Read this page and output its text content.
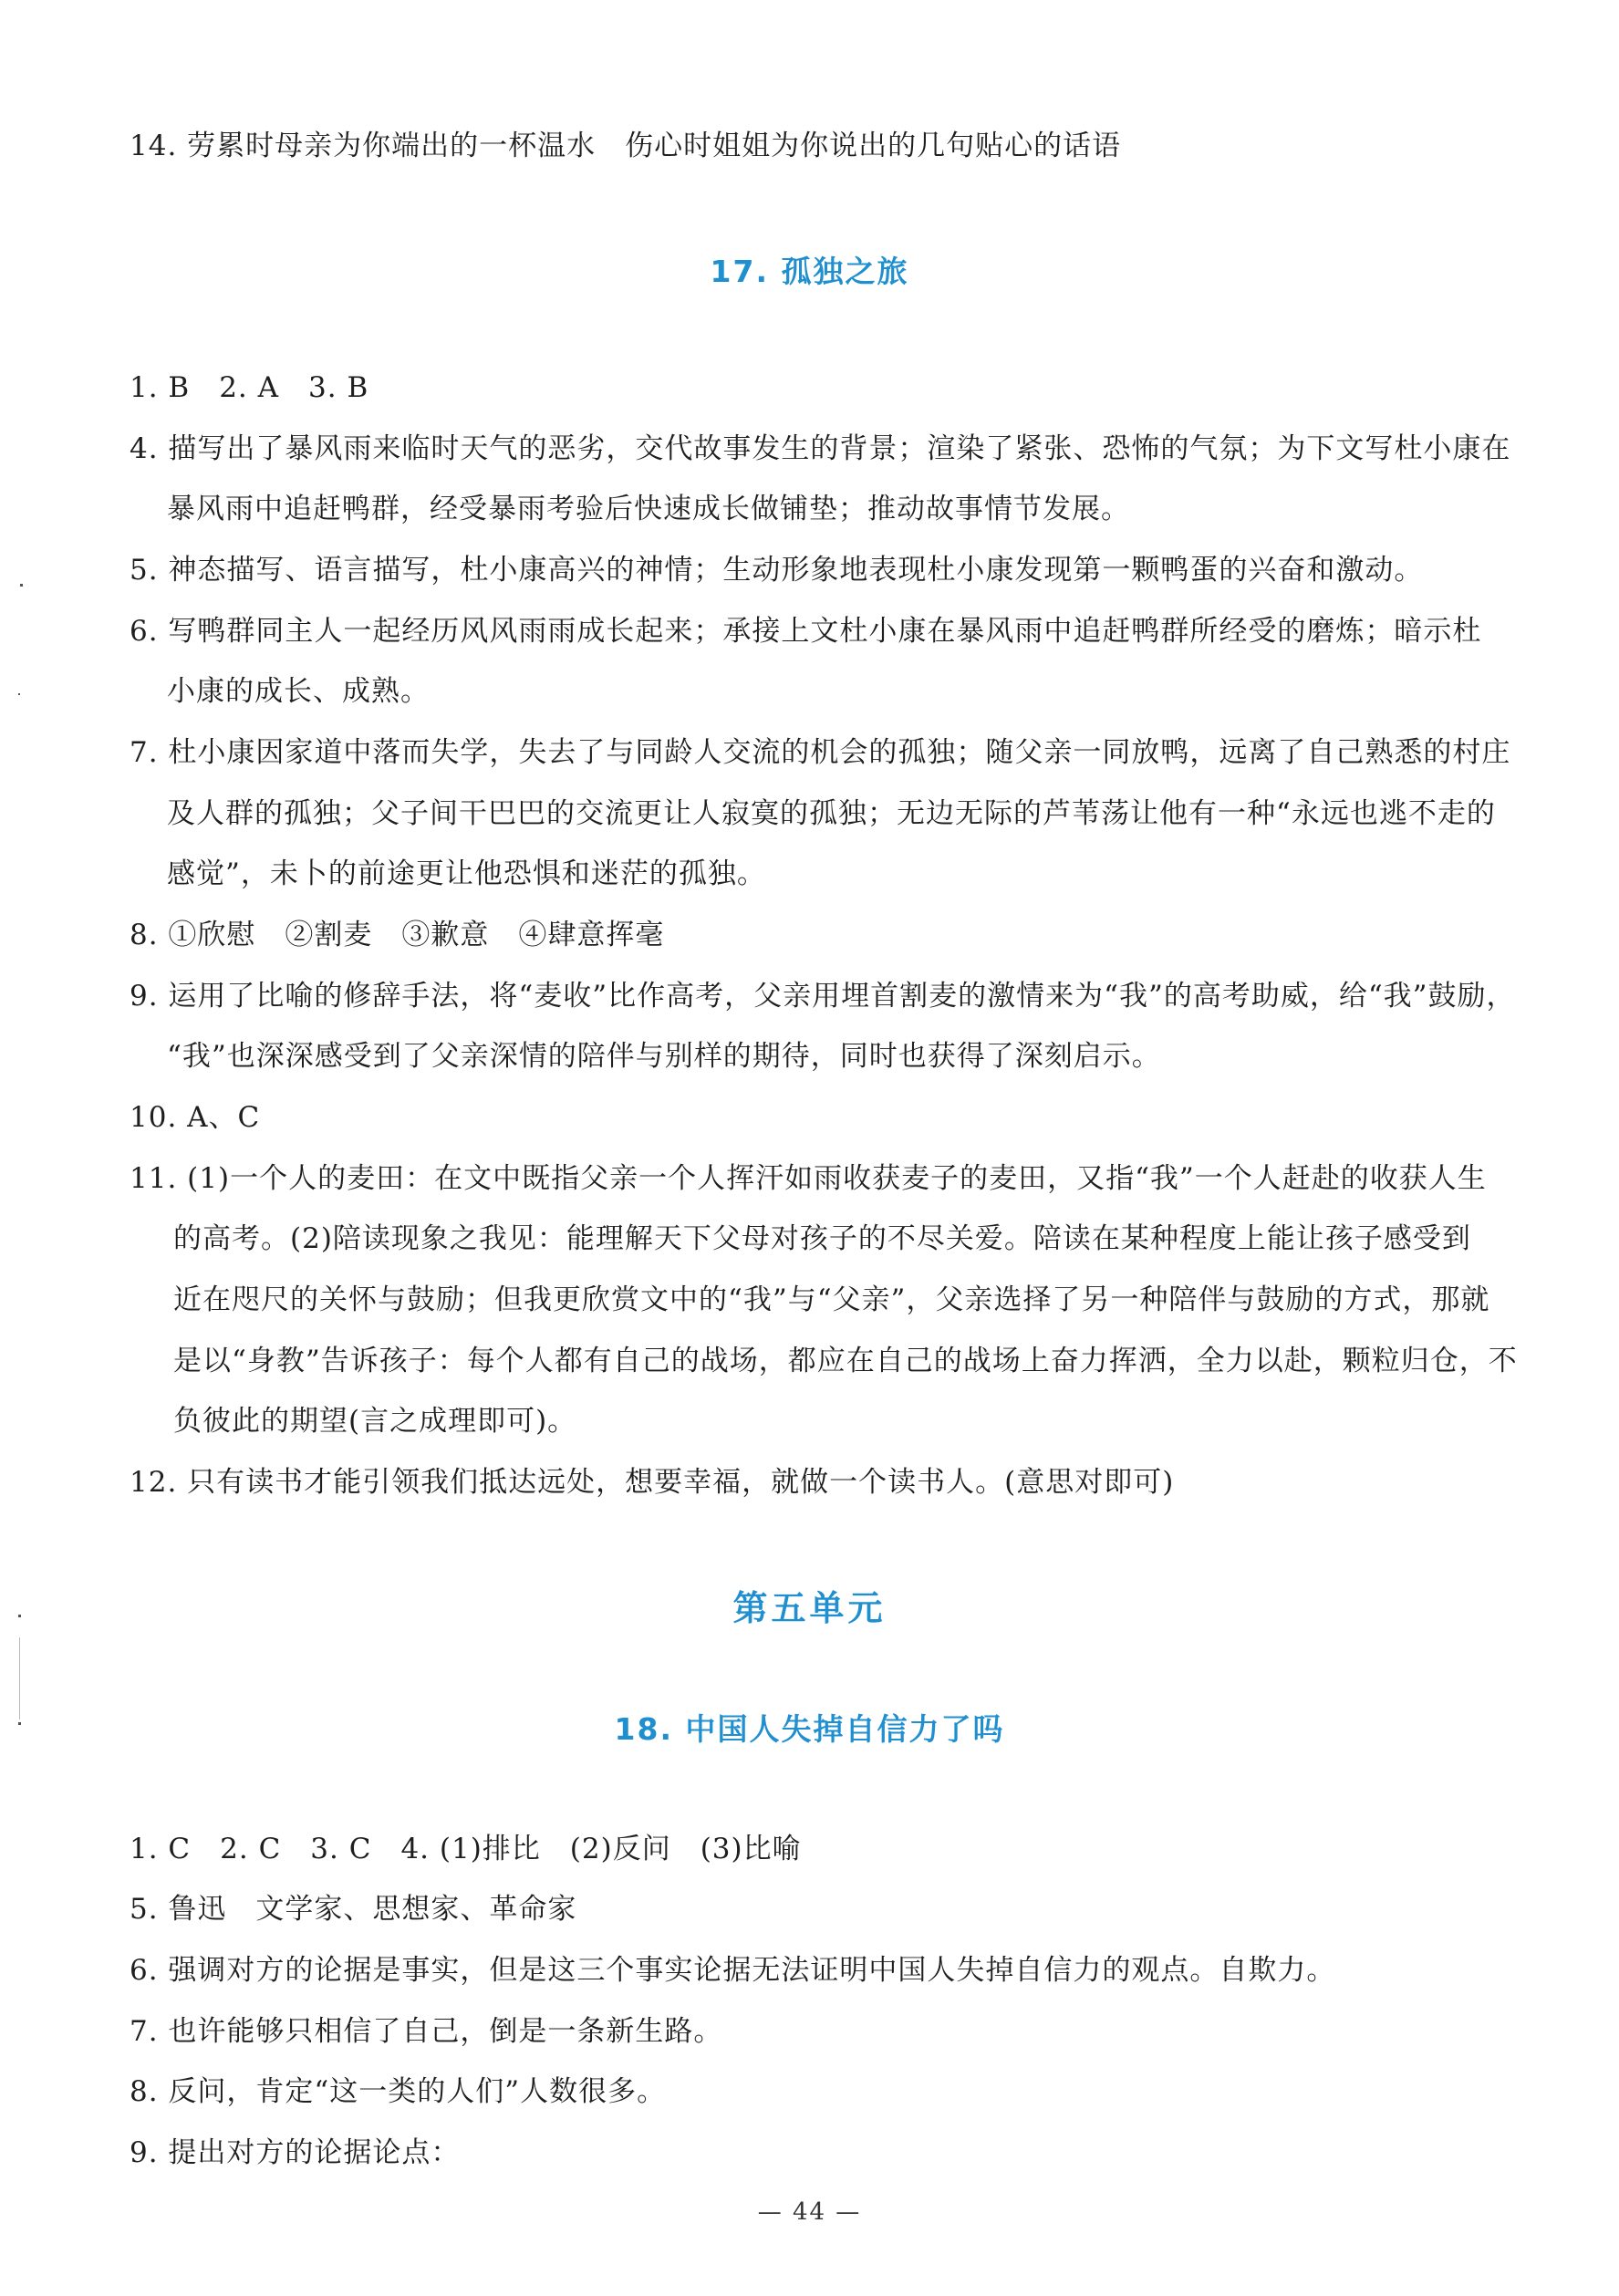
14. 劳累时母亲为你端出的一杯温水　伤心时姐姐为你说出的几句贴心的话语
17. 孤独之旅
1. B　2. A　3. B
4. 描写出了暴风雨来临时天气的恶劣，交代故事发生的背景；渲染了紧张、恐怖的气氛；为下文写杜小康在
暴风雨中追赶鸭群，经受暴雨考验后快速成长做铺垫；推动故事情节发展。
5. 神态描写、语言描写，杜小康高兴的神情；生动形象地表现杜小康发现第一颗鸭蛋的兴奋和激动。
6. 写鸭群同主人一起经历风风雨雨成长起来；承接上文杜小康在暴风雨中追赶鸭群所经受的磨炼；暗示杜
小康的成长、成熟。
7. 杜小康因家道中落而失学，失去了与同龄人交流的机会的孤独；随父亲一同放鸭，远离了自己熟悉的村庄
及人群的孤独；父子间干巴巴的交流更让人寂寞的孤独；无边无际的芦苇荡让他有一种“永远也逃不走的
感觉”，未卜的前途更让他恐惧和迷茫的孤独。
8. ①欣慰　②割麦　③歉意　④肆意挥毫
9. 运用了比喻的修辞手法，将“麦收”比作高考，父亲用埋首割麦的激情来为“我”的高考助威，给“我”鼓励，
“我”也深深感受到了父亲深情的陪伴与别样的期待，同时也获得了深刻启示。
10. A、C
11. (1)一个人的麦田：在文中既指父亲一个人挥汗如雨收获麦子的麦田，又指“我”一个人赶赴的收获人生
的高考。(2)陪读现象之我见：能理解天下父母对孩子的不尽关爱。陪读在某种程度上能让孩子感受到
近在咫尺的关怀与鼓励；但我更欣赏文中的“我”与“父亲”，父亲选择了另一种陪伴与鼓励的方式，那就
是以“身教”告诉孩子：每个人都有自己的战场，都应在自己的战场上奋力挥洒，全力以赴，颗粒归仓，不
负彼此的期望(言之成理即可)。
12. 只有读书才能引领我们抵达远处，想要幸福，就做一个读书人。(意思对即可)
第五单元
18. 中国人失掉自信力了吗
1. C　2. C　3. C　4. (1)排比　(2)反问　(3)比喻
5. 鲁迅　文学家、思想家、革命家
6. 强调对方的论据是事实，但是这三个事实论据无法证明中国人失掉自信力的观点。自欺力。
7. 也许能够只相信了自己，倒是一条新生路。
8. 反问，肯定“这一类的人们”人数很多。
9. 提出对方的论据论点：
— 44 —
